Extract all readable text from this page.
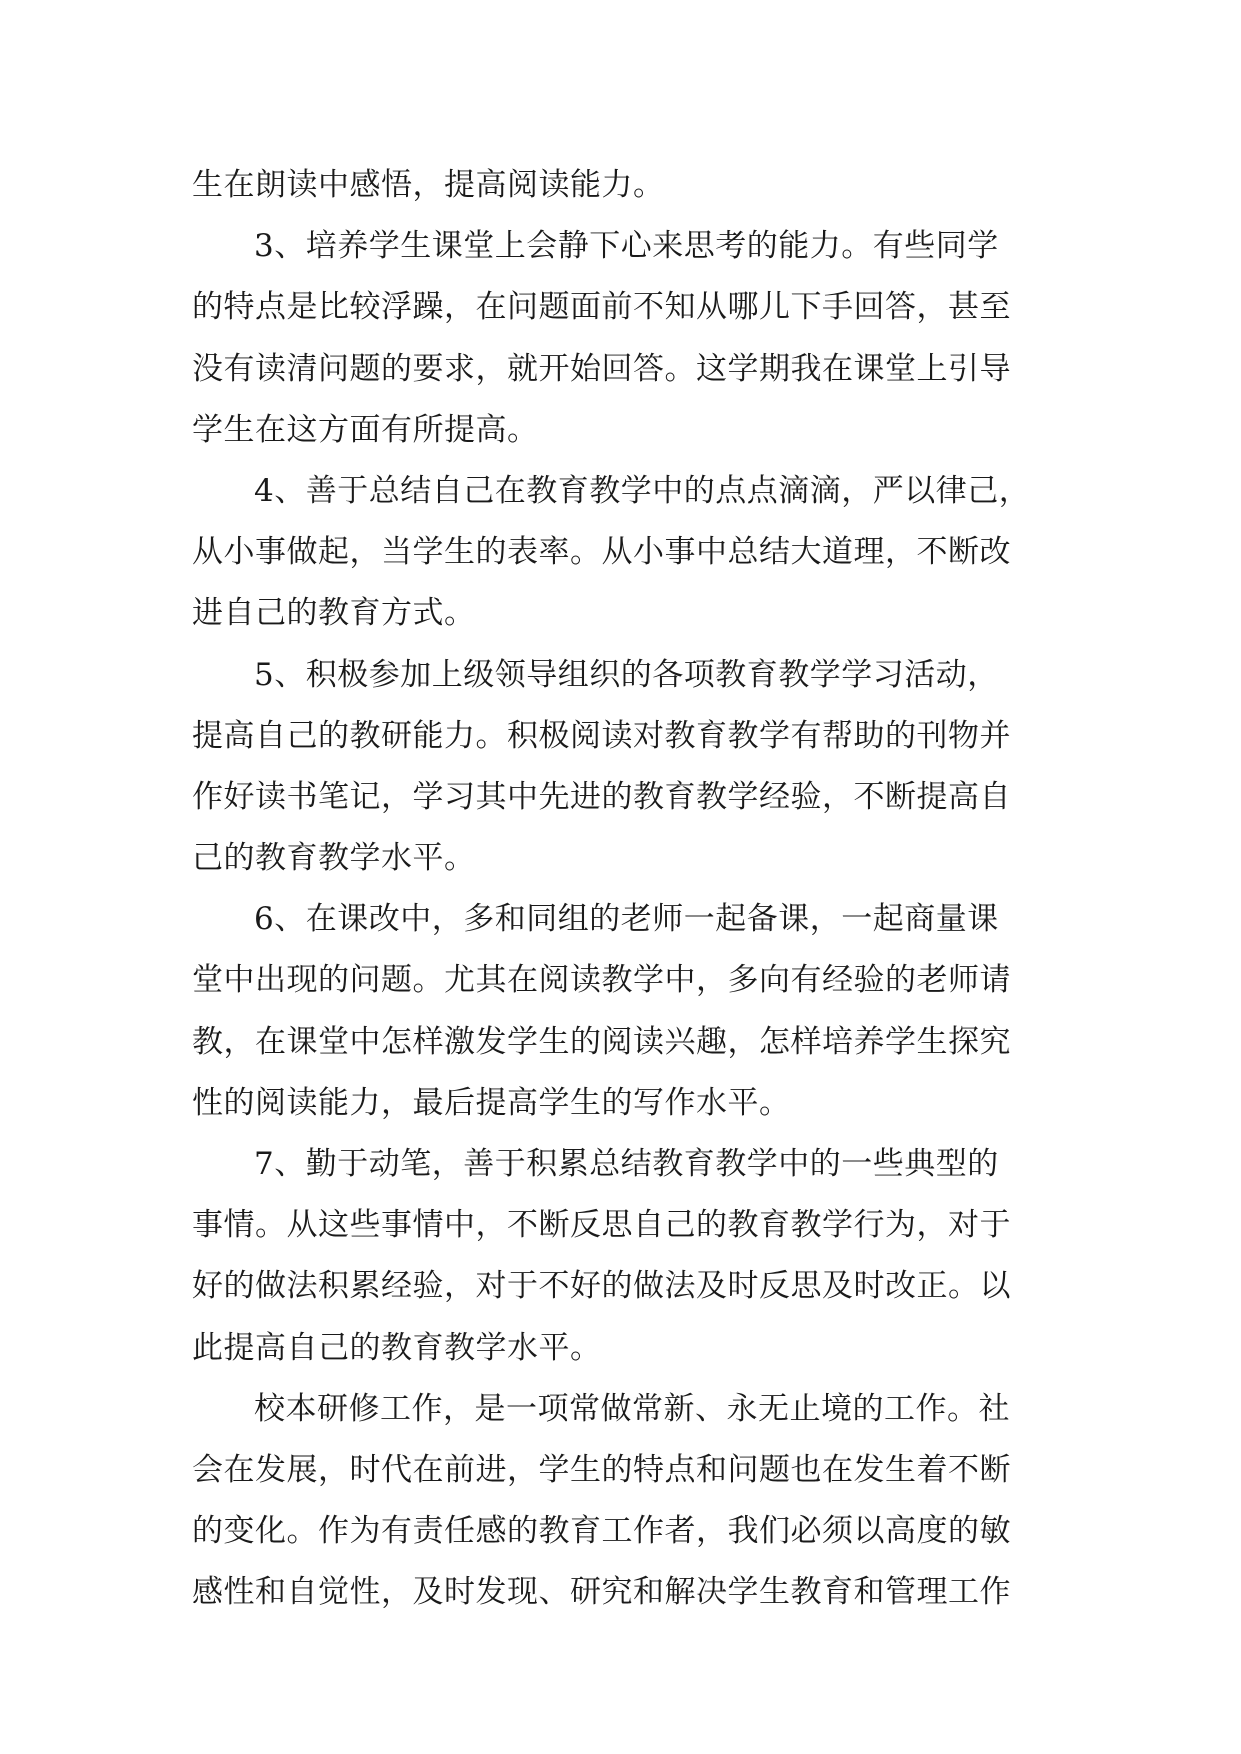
生在朗读中感悟，提高阅读能力。

3、培养学生课堂上会静下心来思考的能力。有些同学
的特点是比较浮躁，在问题面前不知从哪儿下手回答，甚至
没有读清问题的要求，就开始回答。这学期我在课堂上引导
学生在这方面有所提高。

4、善于总结自己在教育教学中的点点滴滴，严以律己，
从小事做起，当学生的表率。从小事中总结大道理，不断改
进自己的教育方式。

5、积极参加上级领导组织的各项教育教学学习活动，
提高自己的教研能力。积极阅读对教育教学有帮助的刊物并
作好读书笔记，学习其中先进的教育教学经验，不断提高自
己的教育教学水平。

6、在课改中，多和同组的老师一起备课，一起商量课
堂中出现的问题。尤其在阅读教学中，多向有经验的老师请
教，在课堂中怎样激发学生的阅读兴趣，怎样培养学生探究
性的阅读能力，最后提高学生的写作水平。

7、勤于动笔，善于积累总结教育教学中的一些典型的
事情。从这些事情中，不断反思自己的教育教学行为，对于
好的做法积累经验，对于不好的做法及时反思及时改正。以
此提高自己的教育教学水平。

校本研修工作，是一项常做常新、永无止境的工作。社
会在发展，时代在前进，学生的特点和问题也在发生着不断
的变化。作为有责任感的教育工作者，我们必须以高度的敏
感性和自觉性，及时发现、研究和解决学生教育和管理工作
